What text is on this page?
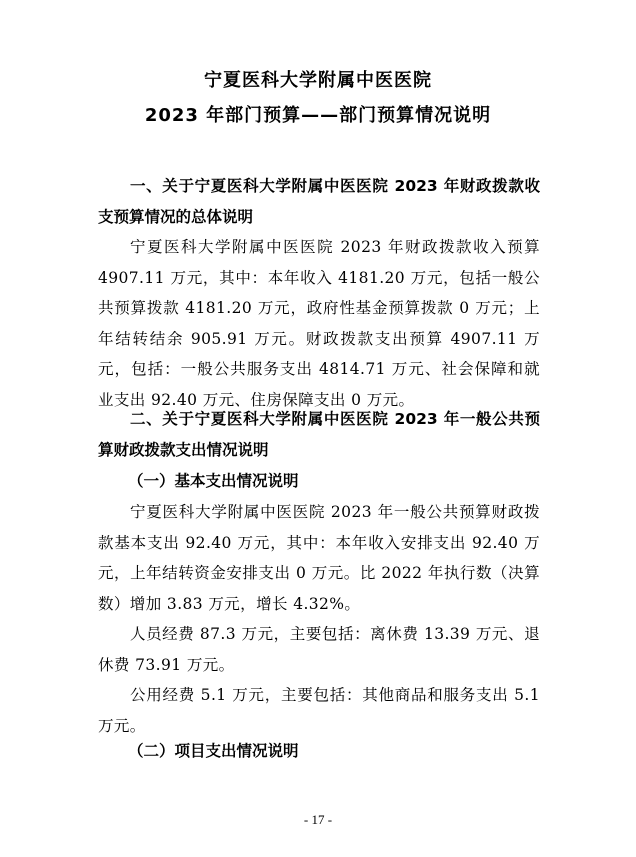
宁夏医科大学附属中医医院
2023 年部门预算——部门预算情况说明

一、关于宁夏医科大学附属中医医院 2023 年财政拨款收支预算情况的总体说明

宁夏医科大学附属中医医院 2023 年财政拨款收入预算 4907.11 万元，其中：本年收入 4181.20 万元，包括一般公共预算拨款 4181.20 万元，政府性基金预算拨款 0 万元；上年结转结余 905.91 万元。财政拨款支出预算 4907.11 万元，包括：一般公共服务支出 4814.71 万元、社会保障和就业支出 92.40 万元、住房保障支出 0 万元。

二、关于宁夏医科大学附属中医医院 2023 年一般公共预算财政拨款支出情况说明

（一）基本支出情况说明

宁夏医科大学附属中医医院 2023 年一般公共预算财政拨款基本支出 92.40 万元，其中：本年收入安排支出 92.40 万元，上年结转资金安排支出 0 万元。比 2022 年执行数（决算数）增加 3.83 万元，增长 4.32%。

人员经费 87.3 万元，主要包括：离休费 13.39 万元、退休费 73.91 万元。

公用经费 5.1 万元，主要包括：其他商品和服务支出 5.1 万元。

（二）项目支出情况说明

- 17 -
